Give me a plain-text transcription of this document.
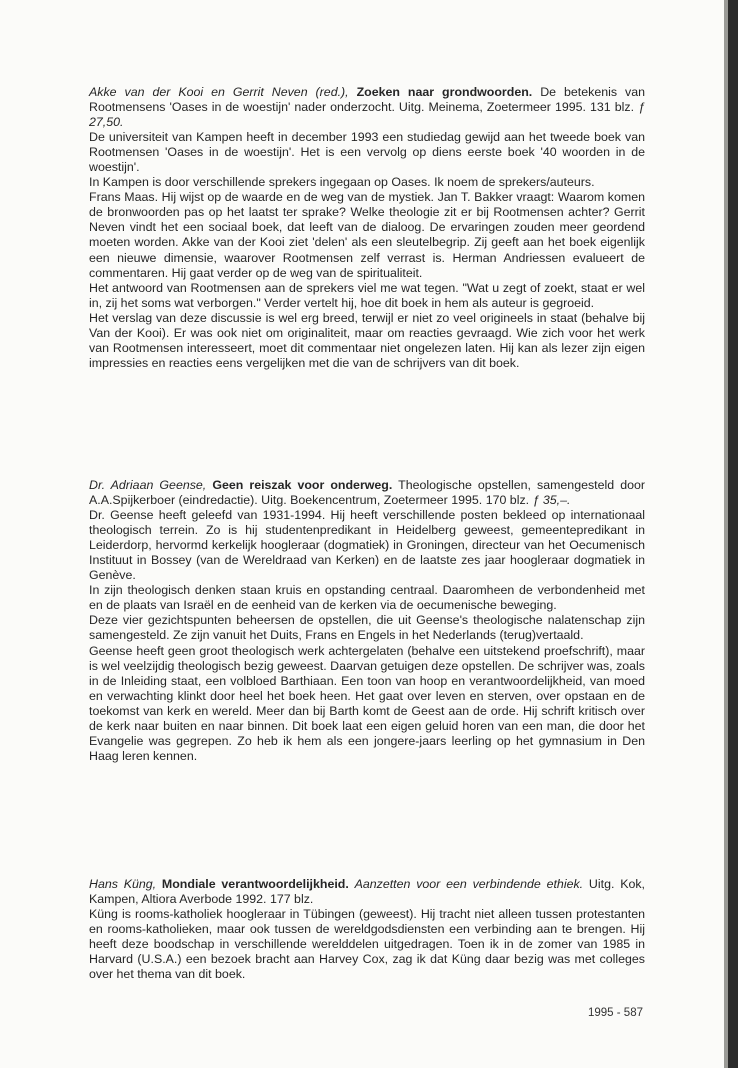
Akke van der Kooi en Gerrit Neven (red.), Zoeken naar grondwoorden. De betekenis van Rootmensens 'Oases in de woestijn' nader onderzocht. Uitg. Meinema, Zoetermeer 1995. 131 blz. ƒ 27,50.

De universiteit van Kampen heeft in december 1993 een studiedag gewijd aan het tweede boek van Rootmensen 'Oases in de woestijn'. Het is een vervolg op diens eerste boek '40 woorden in de woestijn'.

In Kampen is door verschillende sprekers ingegaan op Oases. Ik noem de sprekers/auteurs.

Frans Maas. Hij wijst op de waarde en de weg van de mystiek. Jan T. Bakker vraagt: Waarom komen de bronwoorden pas op het laatst ter sprake? Welke theologie zit er bij Rootmensen achter? Gerrit Neven vindt het een sociaal boek, dat leeft van de dialoog. De ervaringen zouden meer geordend moeten worden. Akke van der Kooi ziet 'delen' als een sleutelbegrip. Zij geeft aan het boek eigenlijk een nieuwe dimensie, waarover Rootmensen zelf verrast is. Herman Andriessen evalueert de commentaren. Hij gaat verder op de weg van de spiritualiteit.

Het antwoord van Rootmensen aan de sprekers viel me wat tegen. "Wat u zegt of zoekt, staat er wel in, zij het soms wat verborgen." Verder vertelt hij, hoe dit boek in hem als auteur is gegroeid.

Het verslag van deze discussie is wel erg breed, terwijl er niet zo veel origineels in staat (behalve bij Van der Kooi). Er was ook niet om originaliteit, maar om reacties gevraagd. Wie zich voor het werk van Rootmensen interesseert, moet dit commentaar niet ongelezen laten. Hij kan als lezer zijn eigen impressies en reacties eens vergelijken met die van de schrijvers van dit boek.

Dr. Adriaan Geense, Geen reiszak voor onderweg. Theologische opstellen, samengesteld door A.A.Spijkerboer (eindredactie). Uitg. Boekencentrum, Zoetermeer 1995. 170 blz. ƒ 35,–.

Dr. Geense heeft geleefd van 1931-1994. Hij heeft verschillende posten bekleed op internationaal theologisch terrein. Zo is hij studentenpredikant in Heidelberg geweest, gemeentepredikant in Leiderdorp, hervormd kerkelijk hoogleraar (dogmatiek) in Groningen, directeur van het Oecumenisch Instituut in Bossey (van de Wereldraad van Kerken) en de laatste zes jaar hoogleraar dogmatiek in Genève.

In zijn theologisch denken staan kruis en opstanding centraal. Daaromheen de verbondenheid met en de plaats van Israël en de eenheid van de kerken via de oecumenische beweging.

Deze vier gezichtspunten beheersen de opstellen, die uit Geense's theologische nalatenschap zijn samengesteld. Ze zijn vanuit het Duits, Frans en Engels in het Nederlands (terug)vertaald.

Geense heeft geen groot theologisch werk achtergelaten (behalve een uitstekend proefschrift), maar is wel veelzijdig theologisch bezig geweest. Daarvan getuigen deze opstellen. De schrijver was, zoals in de Inleiding staat, een volbloed Barthiaan. Een toon van hoop en verantwoordelijkheid, van moed en verwachting klinkt door heel het boek heen. Het gaat over leven en sterven, over opstaan en de toekomst van kerk en wereld. Meer dan bij Barth komt de Geest aan de orde. Hij schrift kritisch over de kerk naar buiten en naar binnen. Dit boek laat een eigen geluid horen van een man, die door het Evangelie was gegrepen. Zo heb ik hem als een jongere-jaars leerling op het gymnasium in Den Haag leren kennen.

Hans Küng, Mondiale verantwoordelijkheid. Aanzetten voor een verbindende ethiek. Uitg. Kok, Kampen, Altiora Averbode 1992. 177 blz.

Küng is rooms-katholiek hoogleraar in Tübingen (geweest). Hij tracht niet alleen tussen protestanten en rooms-katholieken, maar ook tussen de wereldgodsdiensten een verbinding aan te brengen. Hij heeft deze boodschap in verschillende werelddelen uitgedragen. Toen ik in de zomer van 1985 in Harvard (U.S.A.) een bezoek bracht aan Harvey Cox, zag ik dat Küng daar bezig was met colleges over het thema van dit boek.

1995 - 587
